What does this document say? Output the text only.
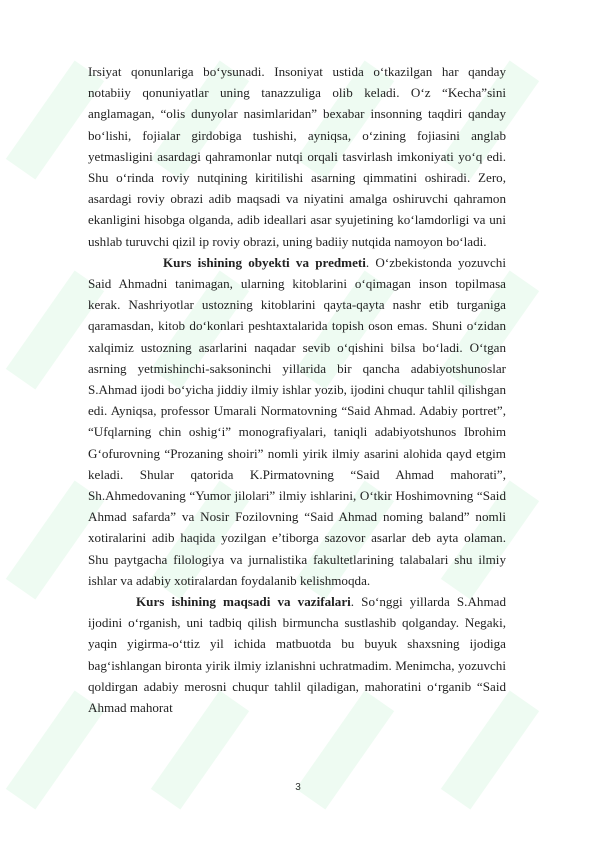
Irsiyat qonunlariga bo‘ysunadi. Insoniyat ustida o‘tkazilgan har qanday notabiiy qonuniyatlar uning tanazzuliga olib keladi. O‘z “Kecha”sini anglamagan, “olis dunyolar nasimlaridan” bexabar insonning taqdiri qanday bo‘lishi, fojialar girdobiga tushishi, ayniqsa, o‘zining fojiasini anglab yetmasligini asardagi qahramonlar nutqi orqali tasvirlash imkoniyati yo‘q edi. Shu o‘rinda roviy nutqining kiritilishi asarning qimmatini oshiradi. Zero, asardagi roviy obrazi adib maqsadi va niyatini amalga oshiruvchi qahramon ekanligini hisobga olganda, adib ideallari asar syujetining ko‘lamdorligi va uni ushlab turuvchi qizil ip roviy obrazi, uning badiiy nutqida namoyon bo‘ladi.

Kurs ishining obyekti va predmeti. O‘zbekistonda yozuvchi Said Ahmadni tanimagan, ularning kitoblarini o‘qimagan inson topilmasa kerak. Nashriyotlar ustozning kitoblarini qayta-qayta nashr etib turganiga qaramasdan, kitob do‘konlari peshtaxtalarida topish oson emas. Shuni o‘zidan xalqimiz ustozning asarlarini naqadar sevib o‘qishini bilsa bo‘ladi. O‘tgan asrning yetmishinchi-saksoninchi yillarida bir qancha adabiyotshunoslar S.Ahmad ijodi bo‘yicha jiddiy ilmiy ishlar yozib, ijodini chuqur tahlil qilishgan edi. Ayniqsa, professor Umarali Normatovning “Said Ahmad. Adabiy portret”, “Ufqlarning chin oshig‘i” monografiyalari, taniqli adabiyotshunos Ibrohim G‘ofurovning “Prozaning shoiri” nomli yirik ilmiy asarini alohida qayd etgim keladi. Shular qatorida K.Pirmatovning “Said Ahmad mahorati”, Sh.Ahmedovaning “Yumor jilolari” ilmiy ishlarini, O‘tkir Hoshimovning “Said Ahmad safarda” va Nosir Fozilovning “Said Ahmad noming baland” nomli xotiralarini adib haqida yozilgan e’tiborga sazovor asarlar deb ayta olaman. Shu paytgacha filologiya va jurnalistika fakultetlarining talabalari shu ilmiy ishlar va adabiy xotiralardan foydalanib kelishmoqda.

Kurs ishining maqsadi va vazifalari. So‘nggi yillarda S.Ahmad ijodini o‘rganish, uni tadbiq qilish birmuncha sustlashib qolganday. Negaki, yaqin yigirma-o‘ttiz yil ichida matbuotda bu buyuk shaxsning ijodiga bag‘ishlangan bironta yirik ilmiy izlanishni uchratmadim. Menimcha, yozuvchi qoldirgan adabiy merosni chuqur tahlil qiladigan, mahoratini o‘rganib “Said Ahmad mahorat

3
